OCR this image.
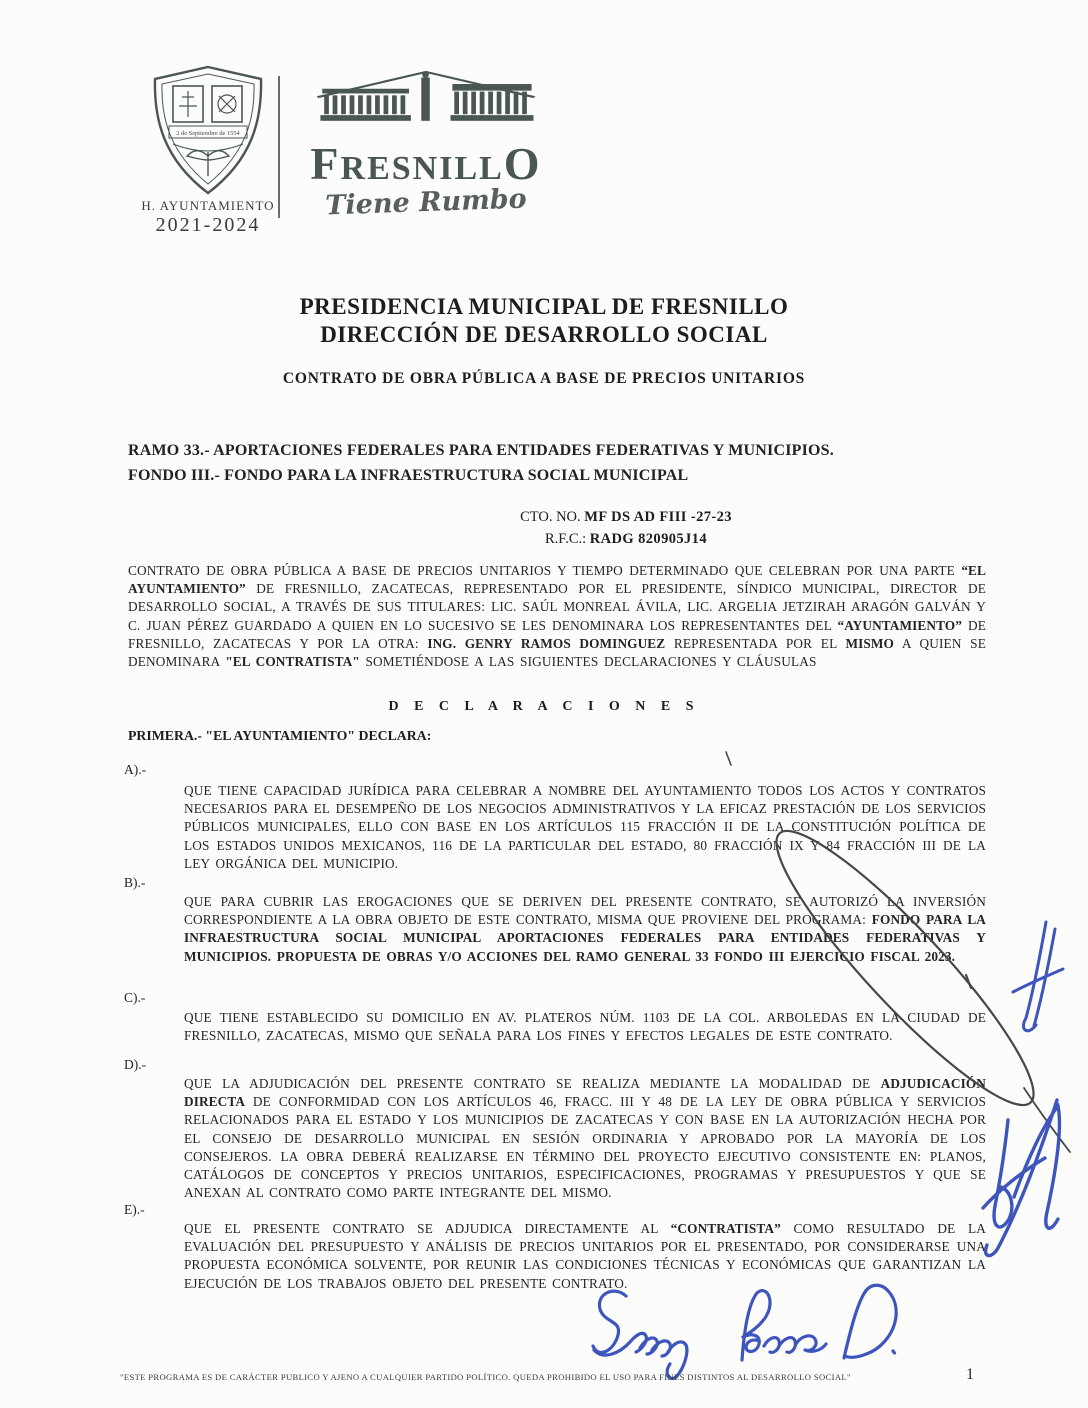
2 de Septiembre de 1554
H. AYUNTAMIENTO
2021-2024
FRESNILLO
Tiene Rumbo
PRESIDENCIA MUNICIPAL DE FRESNILLO
DIRECCIÓN DE DESARROLLO SOCIAL
CONTRATO DE OBRA PÚBLICA A BASE DE PRECIOS UNITARIOS
RAMO 33.- APORTACIONES FEDERALES PARA ENTIDADES FEDERATIVAS Y MUNICIPIOS.
FONDO III.- FONDO PARA LA INFRAESTRUCTURA SOCIAL MUNICIPAL
CTO. NO. MF DS AD FIII -27-23
R.F.C.: RADG 820905J14
CONTRATO DE OBRA PÚBLICA A BASE DE PRECIOS UNITARIOS Y TIEMPO DETERMINADO QUE CELEBRAN POR UNA PARTE “EL AYUNTAMIENTO” DE FRESNILLO, ZACATECAS, REPRESENTADO POR EL PRESIDENTE, SÍNDICO MUNICIPAL, DIRECTOR DE DESARROLLO SOCIAL, A TRAVÉS DE SUS TITULARES: LIC. SAÚL MONREAL ÁVILA, LIC. ARGELIA JETZIRAH ARAGÓN GALVÁN Y C. JUAN PÉREZ GUARDADO A QUIEN EN LO SUCESIVO SE LES DENOMINARA LOS REPRESENTANTES DEL “AYUNTAMIENTO” DE FRESNILLO, ZACATECAS Y POR LA OTRA: ING. GENRY RAMOS DOMINGUEZ REPRESENTADA POR EL MISMO A QUIEN SE DENOMINARA "EL CONTRATISTA" SOMETIÉNDOSE A LAS SIGUIENTES DECLARACIONES Y CLÁUSULAS
D E C L A R A C I O N E S
PRIMERA.- "EL AYUNTAMIENTO" DECLARA:
A).-
QUE TIENE CAPACIDAD JURÍDICA PARA CELEBRAR A NOMBRE DEL AYUNTAMIENTO TODOS LOS ACTOS Y CONTRATOS NECESARIOS PARA EL DESEMPEÑO DE LOS NEGOCIOS ADMINISTRATIVOS Y LA EFICAZ PRESTACIÓN DE LOS SERVICIOS PÚBLICOS MUNICIPALES, ELLO CON BASE EN LOS ARTÍCULOS 115 FRACCIÓN II DE LA CONSTITUCIÓN POLÍTICA DE LOS ESTADOS UNIDOS MEXICANOS, 116 DE LA PARTICULAR DEL ESTADO, 80 FRACCIÓN IX Y 84 FRACCIÓN III DE LA LEY ORGÁNICA DEL MUNICIPIO.
B).-
QUE PARA CUBRIR LAS EROGACIONES QUE SE DERIVEN DEL PRESENTE CONTRATO, SE AUTORIZÓ LA INVERSIÓN CORRESPONDIENTE A LA OBRA OBJETO DE ESTE CONTRATO, MISMA QUE PROVIENE DEL PROGRAMA: FONDO PARA LA INFRAESTRUCTURA SOCIAL MUNICIPAL APORTACIONES FEDERALES PARA ENTIDADES FEDERATIVAS Y MUNICIPIOS. PROPUESTA DE OBRAS Y/O ACCIONES DEL RAMO GENERAL 33 FONDO III EJERCICIO FISCAL 2023.
C).-
QUE TIENE ESTABLECIDO SU DOMICILIO EN AV. PLATEROS NÚM. 1103 DE LA COL. ARBOLEDAS EN LA CIUDAD DE FRESNILLO, ZACATECAS, MISMO QUE SEÑALA PARA LOS FINES Y EFECTOS LEGALES DE ESTE CONTRATO.
D).-
QUE LA ADJUDICACIÓN DEL PRESENTE CONTRATO SE REALIZA MEDIANTE LA MODALIDAD DE ADJUDICACIÓN DIRECTA DE CONFORMIDAD CON LOS ARTÍCULOS 46, FRACC. III Y 48 DE LA LEY DE OBRA PÚBLICA Y SERVICIOS RELACIONADOS PARA EL ESTADO Y LOS MUNICIPIOS DE ZACATECAS Y CON BASE EN LA AUTORIZACIÓN HECHA POR EL CONSEJO DE DESARROLLO MUNICIPAL EN SESIÓN ORDINARIA Y APROBADO POR LA MAYORÍA DE LOS CONSEJEROS. LA OBRA DEBERÁ REALIZARSE EN TÉRMINO DEL PROYECTO EJECUTIVO CONSISTENTE EN: PLANOS, CATÁLOGOS DE CONCEPTOS Y PRECIOS UNITARIOS, ESPECIFICACIONES, PROGRAMAS Y PRESUPUESTOS Y QUE SE ANEXAN AL CONTRATO COMO PARTE INTEGRANTE DEL MISMO.
E).-
QUE EL PRESENTE CONTRATO SE ADJUDICA DIRECTAMENTE AL “CONTRATISTA” COMO RESULTADO DE LA EVALUACIÓN DEL PRESUPUESTO Y ANÁLISIS DE PRECIOS UNITARIOS POR EL PRESENTADO, POR CONSIDERARSE UNA PROPUESTA ECONÓMICA SOLVENTE, POR REUNIR LAS CONDICIONES TÉCNICAS Y ECONÓMICAS QUE GARANTIZAN LA EJECUCIÓN DE LOS TRABAJOS OBJETO DEL PRESENTE CONTRATO.
"ESTE PROGRAMA ES DE CARÁCTER PUBLICO Y AJENO A CUALQUIER PARTIDO POLÍTICO. QUEDA PROHIBIDO EL USO PARA FINES DISTINTOS AL DESARROLLO SOCIAL"	1
